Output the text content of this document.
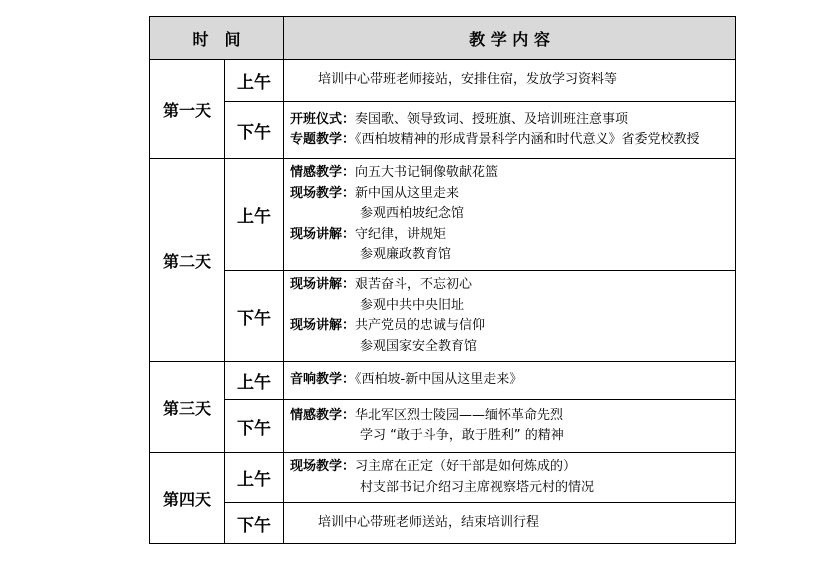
时　间		教 学 内 容
第一天	上午	培训中心带班老师接站，安排住宿，发放学习资料等

	下午	开班仪式：奏国歌、领导致词、授班旗、及培训班注意事项
专题教学：《西柏坡精神的形成背景科学内涵和时代意义》省委党校教授

第二天	上午	情感教学：向五大书记铜像敬献花篮
现场教学：新中国从这里走来
参观西柏坡纪念馆
现场讲解：守纪律，讲规矩
参观廉政教育馆

	下午	现场讲解：艰苦奋斗，不忘初心
参观中共中央旧址
现场讲解：共产党员的忠诚与信仰
参观国家安全教育馆

第三天	上午	音响教学：《西柏坡-新中国从这里走来》

	下午	情感教学：华北军区烈士陵园——缅怀革命先烈
学习 “敢于斗争，敢于胜利” 的精神

第四天	上午	现场教学：习主席在正定（好干部是如何炼成的）
村支部书记介绍习主席视察塔元村的情况

	下午	培训中心带班老师送站，结束培训行程
